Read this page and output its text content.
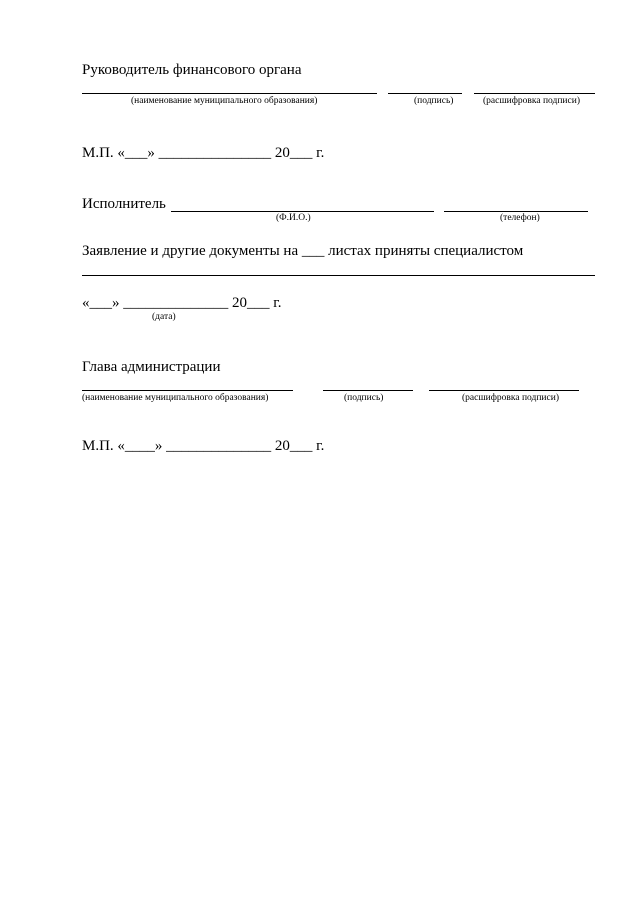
Руководитель финансового органа
(наименование муниципального образования)	(подпись)	(расшифровка подписи)
М.П. «___» _______________ 20___ г.
Исполнитель
(Ф.И.О.)	(телефон)
Заявление и другие документы на ___ листах приняты специалистом
«___» ______________ 20___ г.
(дата)
Глава администрации
(наименование муниципального образования)	(подпись)	(расшифровка подписи)
М.П. «____» ______________ 20___ г.
